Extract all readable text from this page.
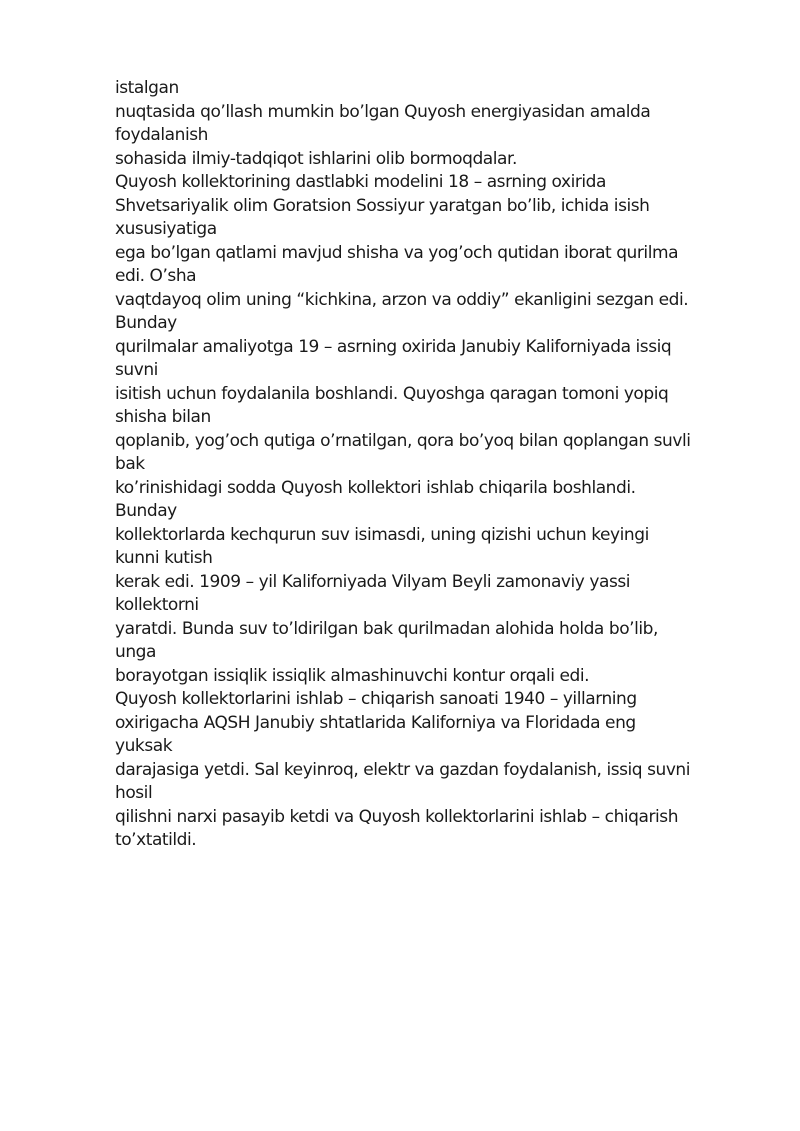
istalgan
nuqtasida qo’llash mumkin bo’lgan Quyosh energiyasidan amalda
foydalanish
sohasida ilmiy-tadqiqot ishlarini olib bormoqdalar.
Quyosh kollektorining dastlabki modelini 18 – asrning oxirida
Shvetsariyalik olim Goratsion Sossiyur yaratgan bo’lib, ichida isish
xususiyatiga
ega bo’lgan qatlami mavjud shisha va yog’och qutidan iborat qurilma
edi. O’sha
vaqtdayoq olim uning “kichkina, arzon va oddiy” ekanligini sezgan edi.
Bunday
qurilmalar amaliyotga 19 – asrning oxirida Janubiy Kaliforniyada issiq
suvni
isitish uchun foydalanila boshlandi. Quyoshga qaragan tomoni yopiq
shisha bilan
qoplanib, yog’och qutiga o’rnatilgan, qora bo’yoq bilan qoplangan suvli
bak
ko’rinishidagi sodda Quyosh kollektori ishlab chiqarila boshlandi.
Bunday
kollektorlarda kechqurun suv isimasdi, uning qizishi uchun keyingi
kunni kutish
kerak edi. 1909 – yil Kaliforniyada Vilyam Beyli zamonaviy yassi
kollektorni
yaratdi. Bunda suv to’ldirilgan bak qurilmadan alohida holda bo’lib,
unga
borayotgan issiqlik issiqlik almashinuvchi kontur orqali edi.
Quyosh kollektorlarini ishlab – chiqarish sanoati 1940 – yillarning
oxirigacha AQSH Janubiy shtatlarida Kaliforniya va Floridada eng
yuksak
darajasiga yetdi. Sal keyinroq, elektr va gazdan foydalanish, issiq suvni
hosil
qilishni narxi pasayib ketdi va Quyosh kollektorlarini ishlab – chiqarish
to’xtatildi.
